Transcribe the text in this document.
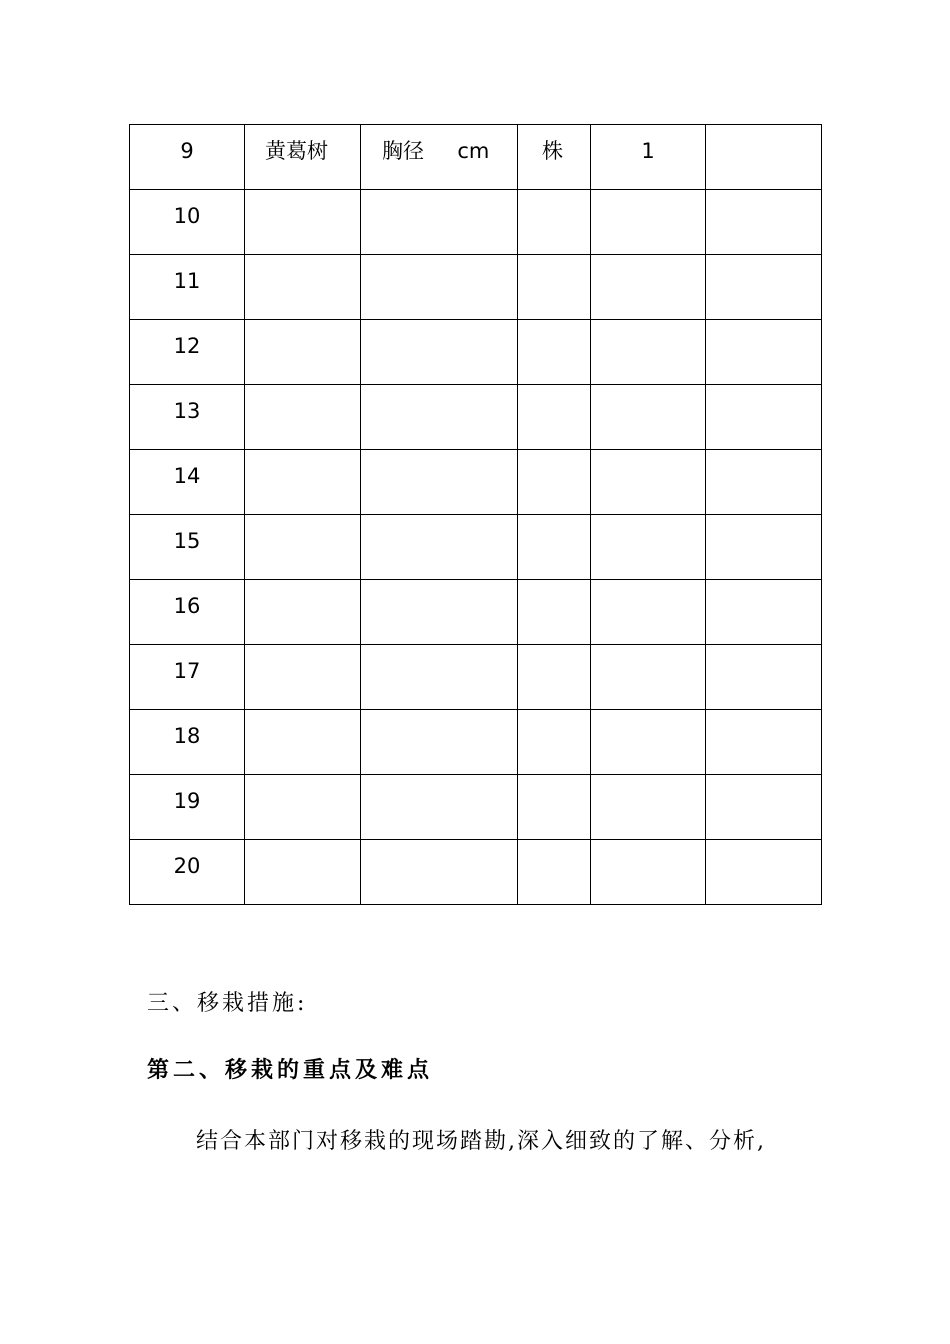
9	黄葛树	胸径     cm	株	1	

10					

11					

12					

13					

14					

15					

16					

17					

18					

19					

20					

三、移栽措施:
第二、移栽的重点及难点
结合本部门对移栽的现场踏勘,深入细致的了解、分析,
